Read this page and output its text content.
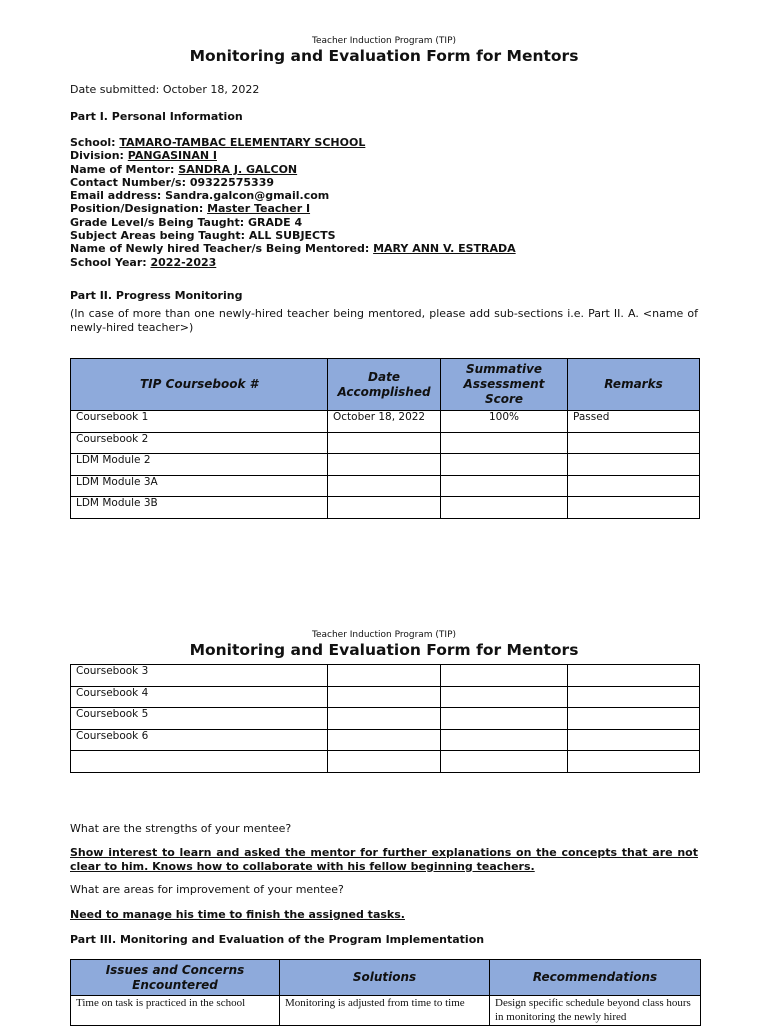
Teacher Induction Program (TIP)
Monitoring and Evaluation Form for Mentors
Date submitted: October 18, 2022
Part I. Personal Information
School: TAMARO-TAMBAC ELEMENTARY SCHOOL
Division: PANGASINAN I
Name of Mentor: SANDRA J. GALCON
Contact Number/s: 09322575339
Email address: Sandra.galcon@gmail.com
Position/Designation: Master Teacher I
Grade Level/s Being Taught: GRADE 4
Subject Areas being Taught: ALL SUBJECTS
Name of Newly hired Teacher/s Being Mentored: MARY ANN V. ESTRADA
School Year: 2022-2023
Part II. Progress Monitoring
(In case of more than one newly-hired teacher being mentored, please add sub-sections i.e. Part II. A. <name of newly-hired teacher>)
TIP Coursebook #	Date Accomplished	Summative Assessment Score	Remarks
Coursebook 1	October 18, 2022	100%	Passed
Coursebook 2			
LDM Module 2			
LDM Module 3A			
LDM Module 3B			
Teacher Induction Program (TIP)
Monitoring and Evaluation Form for Mentors
Coursebook 3			
Coursebook 4			
Coursebook 5			
Coursebook 6			

What are the strengths of your mentee?
Show interest to learn and asked the mentor for further explanations on the concepts that are not clear to him. Knows how to collaborate with his fellow beginning teachers.
What are areas for improvement of your mentee?
Need to manage his time to finish the assigned tasks.
Part III. Monitoring and Evaluation of the Program Implementation
Issues and Concerns Encountered	Solutions	Recommendations
Time on task is practiced in the school	Monitoring is adjusted from time to time	Design specific schedule beyond class hours in monitoring the newly hired
